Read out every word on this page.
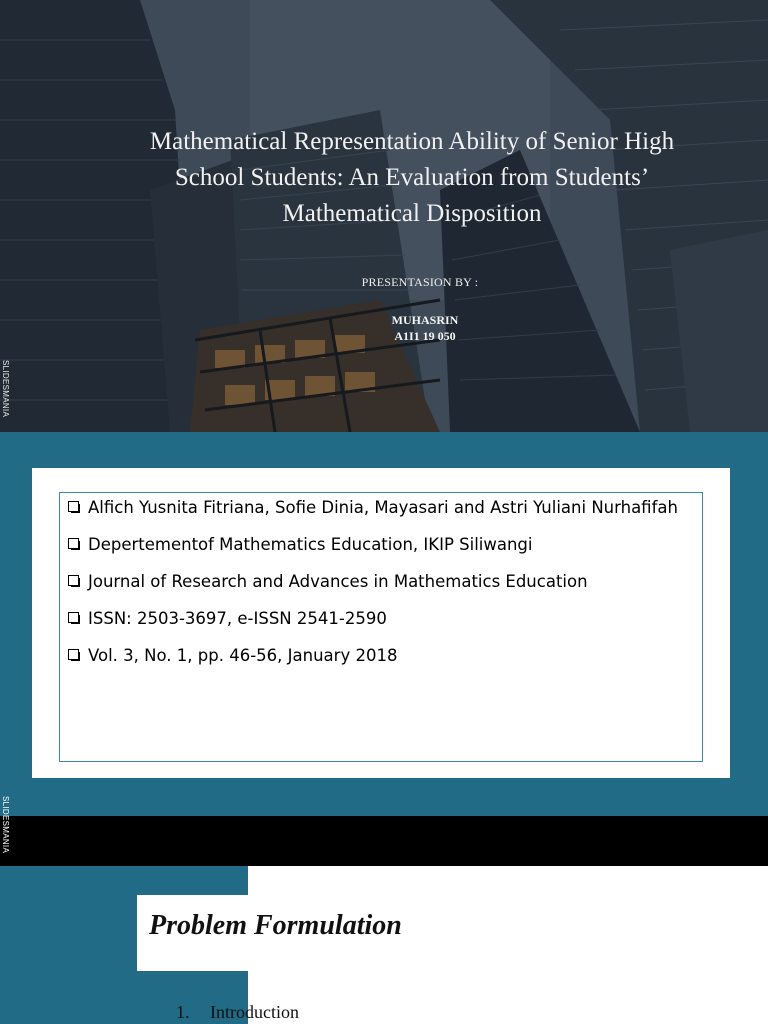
Mathematical Representation Ability of Senior High School Students: An Evaluation from Students’ Mathematical Disposition
PRESENTASION BY :
MUHASRIN
A1I1 19 050
SLIDESMANIA
Alfich Yusnita Fitriana, Sofie Dinia, Mayasari and Astri Yuliani Nurhafifah
Depertementof Mathematics Education, IKIP Siliwangi
Journal of Research and Advances in Mathematics Education
ISSN: 2503-3697, e-ISSN 2541-2590
Vol. 3, No. 1, pp. 46-56, January 2018
SLIDESMANIA
Problem Formulation
1. Introduction
